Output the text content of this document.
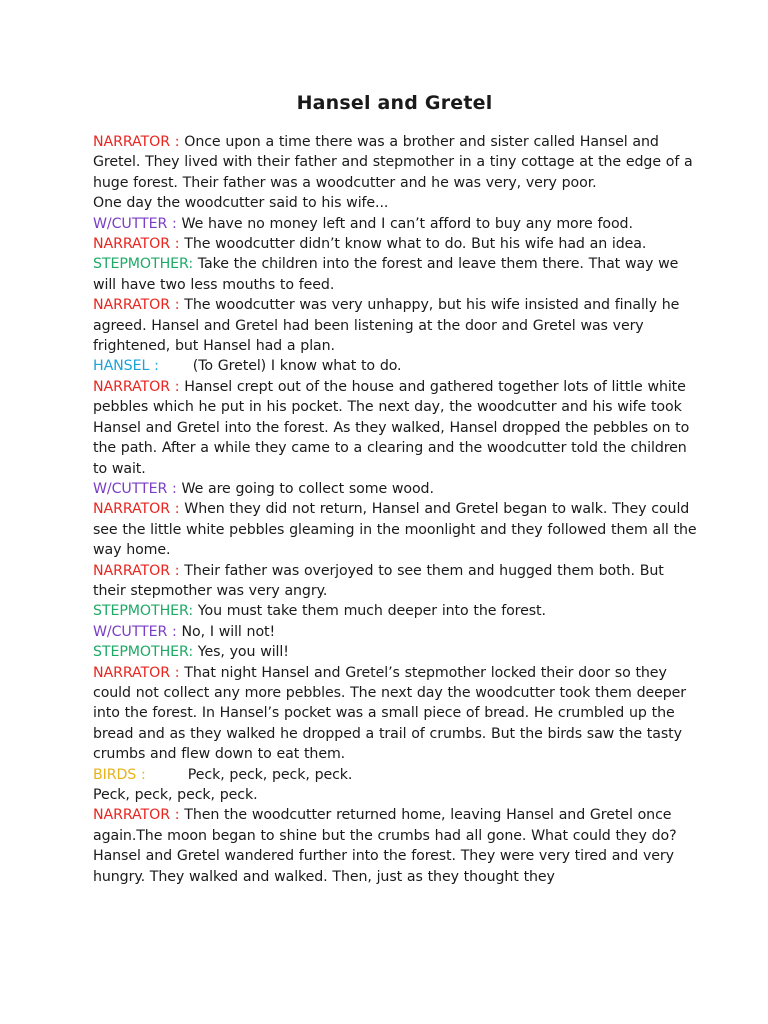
Hansel and Gretel

NARRATOR : Once upon a time there was a brother and sister called Hansel and Gretel. They lived with their father and stepmother in a tiny cottage at the edge of a huge forest. Their father was a woodcutter and he was very, very poor.

One day the woodcutter said to his wife...

W/CUTTER : We have no money left and I can’t afford to buy any more food.

NARRATOR : The woodcutter didn’t know what to do. But his wife had an idea.

STEPMOTHER: Take the children into the forest and leave them there. That way we will have two less mouths to feed.

NARRATOR : The woodcutter was very unhappy, but his wife insisted and finally he agreed. Hansel and Gretel had been listening at the door and Gretel was very frightened, but Hansel had a plan.

HANSEL : (To Gretel) I know what to do.

NARRATOR : Hansel crept out of the house and gathered together lots of little white pebbles which he put in his pocket. The next day, the woodcutter and his wife took Hansel and Gretel into the forest. As they walked, Hansel dropped the pebbles on to the path. After a while they came to a clearing and the woodcutter told the children to wait.

W/CUTTER : We are going to collect some wood.

NARRATOR : When they did not return, Hansel and Gretel began to walk. They could see the little white pebbles gleaming in the moonlight and they followed them all the way home.

NARRATOR : Their father was overjoyed to see them and hugged them both. But their stepmother was very angry.

STEPMOTHER: You must take them much deeper into the forest.

W/CUTTER : No, I will not!

STEPMOTHER: Yes, you will!

NARRATOR : That night Hansel and Gretel’s stepmother locked their door so they could not collect any more pebbles. The next day the woodcutter took them deeper into the forest. In Hansel’s pocket was a small piece of bread. He crumbled up the bread and as they walked he dropped a trail of crumbs. But the birds saw the tasty crumbs and flew down to eat them.

BIRDS :	Peck, peck, peck, peck.

Peck, peck, peck, peck.

NARRATOR : Then the woodcutter returned home, leaving Hansel and Gretel once again.The moon began to shine but the crumbs had all gone. What could they do? Hansel and Gretel wandered further into the forest. They were very tired and very hungry. They walked and walked. Then, just as they thought they
